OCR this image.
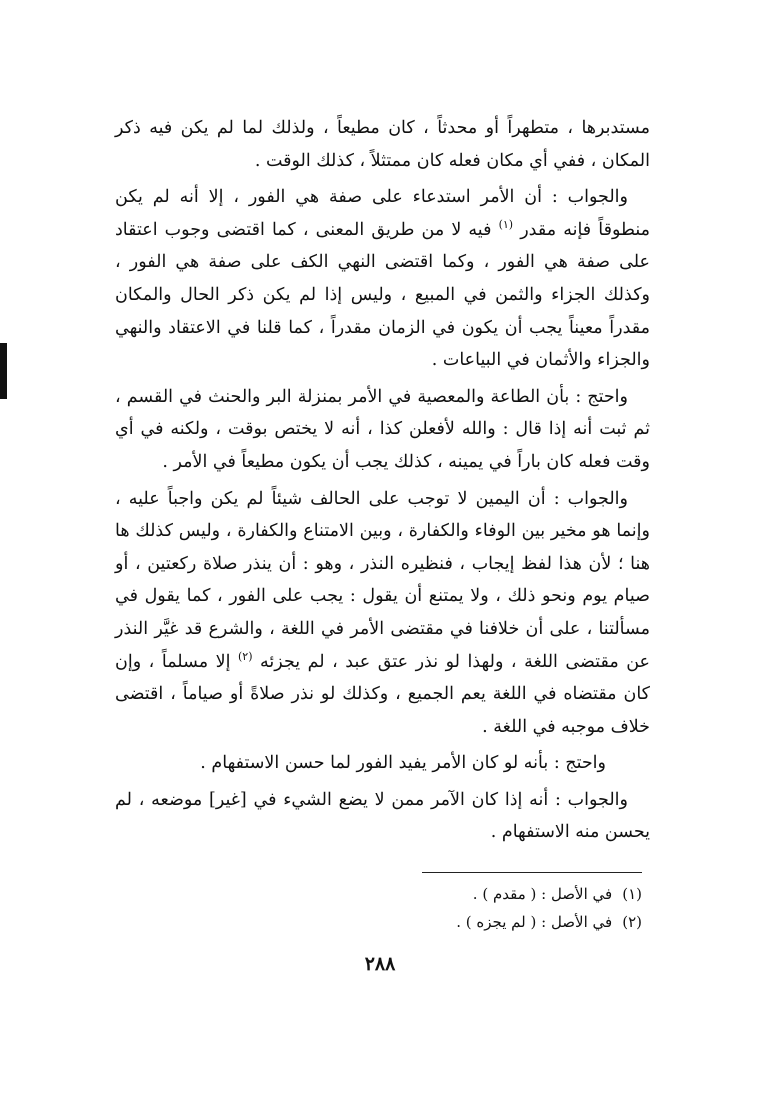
مستدبرها ، متطهراً أو محدثاً ، كان مطيعاً ، ولذلك لما لم يكن فيه ذكر المكان ، ففي أي مكان فعله كان ممتثلاً ، كذلك الوقت .

والجواب : أن الأمر استدعاء على صفة هي الفور ، إلا أنه لم يكن منطوقاً فإنه مقدر $^{(١)}$ فيه لا من طريق المعنى ، كما اقتضى وجوب اعتقاد على صفة هي الفور ، وكما اقتضى النهي الكف على صفة هي الفور ، وكذلك الجزاء والثمن في المبيع ، وليس إذا لم يكن ذكر الحال والمكان مقدراً معيناً يجب أن يكون في الزمان مقدراً ، كما قلنا في الاعتقاد والنهي والجزاء والأثمان في البياعات .

واحتج : بأن الطاعة والمعصية في الأمر بمنزلة البر والحنث في القسم ، ثم ثبت أنه إذا قال : والله لأفعلن كذا ، أنه لا يختص بوقت ، ولكنه في أي وقت فعله كان باراً في يمينه ، كذلك يجب أن يكون مطيعاً في الأمر .

والجواب : أن اليمين لا توجب على الحالف شيئاً لم يكن واجباً عليه ، وإنما هو مخير بين الوفاء والكفارة ، وبين الامتناع والكفارة ، وليس كذلك ها هنا ؛ لأن هذا لفظ إيجاب ، فنظيره النذر ، وهو : أن ينذر صلاة ركعتين ، أو صيام يوم ونحو ذلك ، ولا يمتنع أن يقول : يجب على الفور ، كما يقول في مسألتنا ، على أن خلافنا في مقتضى الأمر في اللغة ، والشرع قد غيَّر النذر عن مقتضى اللغة ، ولهذا لو نذر عتق عبد ، لم يجزئه $^{(٢)}$ إلا مسلماً ، وإن كان مقتضاه في اللغة يعم الجميع ، وكذلك لو نذر صلاةً أو صياماً ، اقتضى خلاف موجبه في اللغة .

واحتج : بأنه لو كان الأمر يفيد الفور لما حسن الاستفهام .

والجواب : أنه إذا كان الآمر ممن لا يضع الشيء في [غير] موضعه ، لم يحسن منه الاستفهام .

(١)في الأصل : ( مقدم ) .

(٢)في الأصل : ( لم يجزه ) .

٢٨٨
